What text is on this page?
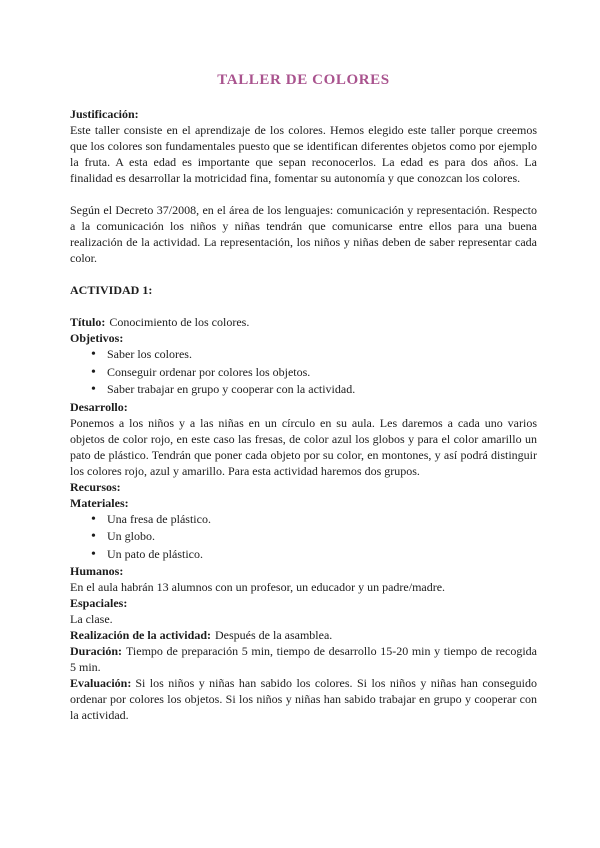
TALLER DE COLORES

Justificación:

Este taller consiste en el aprendizaje de los colores. Hemos elegido este taller porque creemos que los colores son fundamentales puesto que se identifican diferentes objetos como por ejemplo la fruta. A esta edad es importante que sepan reconocerlos. La edad es para dos años. La finalidad es desarrollar la motricidad fina, fomentar su autonomía y que conozcan los colores.

Según el Decreto 37/2008, en el área de los lenguajes: comunicación y representación. Respecto a la comunicación los niños y niñas tendrán que comunicarse entre ellos para una buena realización de la actividad. La representación, los niños y niñas deben de saber representar cada color.

ACTIVIDAD 1:

Título: Conocimiento de los colores.

Objetivos:

• Saber los colores.
• Conseguir ordenar por colores los objetos.
• Saber trabajar en grupo y cooperar con la actividad.

Desarrollo:

Ponemos a los niños y a las niñas en un círculo en su aula. Les daremos a cada uno varios objetos de color rojo, en este caso las fresas, de color azul los globos y para el color amarillo un pato de plástico. Tendrán que poner cada objeto por su color, en montones, y así podrá distinguir los colores rojo, azul y amarillo. Para esta actividad haremos dos grupos.

Recursos:

Materiales:

• Una fresa de plástico.
• Un globo.
• Un pato de plástico.

Humanos:

En el aula habrán 13 alumnos con un profesor, un educador y un padre/madre.

Espaciales:

La clase.

Realización de la actividad: Después de la asamblea.

Duración: Tiempo de preparación 5 min, tiempo de desarrollo 15-20 min y tiempo de recogida 5 min.

Evaluación: Si los niños y niñas han sabido los colores. Si los niños y niñas han conseguido ordenar por colores los objetos. Si los niños y niñas han sabido trabajar en grupo y cooperar con la actividad.
